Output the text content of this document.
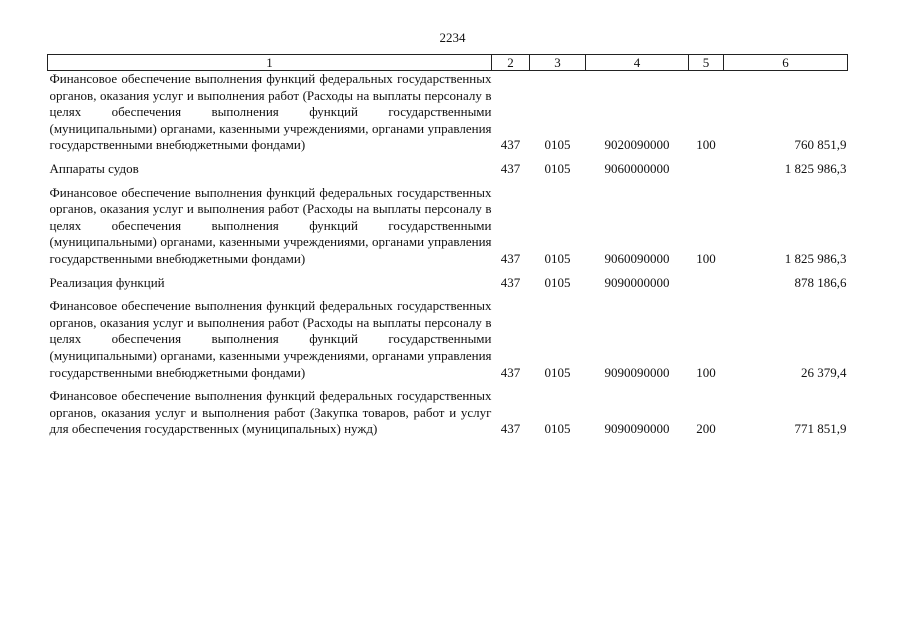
2234
1	2	3	4	5	6
Финансовое обеспечение выполнения функций федеральных государственных органов, оказания услуг и выполнения работ (Расходы на выплаты персоналу в целях обеспечения выполнения функций государственными (муниципальными) органами, казенными учреждениями, органами управления государственными внебюджетными фондами)	437	0105	9020090000	100	760 851,9

Аппараты судов	437	0105	9060000000		1 825 986,3

Финансовое обеспечение выполнения функций федеральных государственных органов, оказания услуг и выполнения работ (Расходы на выплаты персоналу в целях обеспечения выполнения функций государственными (муниципальными) органами, казенными учреждениями, органами управления государственными внебюджетными фондами)	437	0105	9060090000	100	1 825 986,3

Реализация функций	437	0105	9090000000		878 186,6

Финансовое обеспечение выполнения функций федеральных государственных органов, оказания услуг и выполнения работ (Расходы на выплаты персоналу в целях обеспечения выполнения функций государственными (муниципальными) органами, казенными учреждениями, органами управления государственными внебюджетными фондами)	437	0105	9090090000	100	26 379,4

Финансовое обеспечение выполнения функций федеральных государственных органов, оказания услуг и выполнения работ (Закупка товаров, работ и услуг для обеспечения государственных (муниципальных) нужд)	437	0105	9090090000	200	771 851,9
